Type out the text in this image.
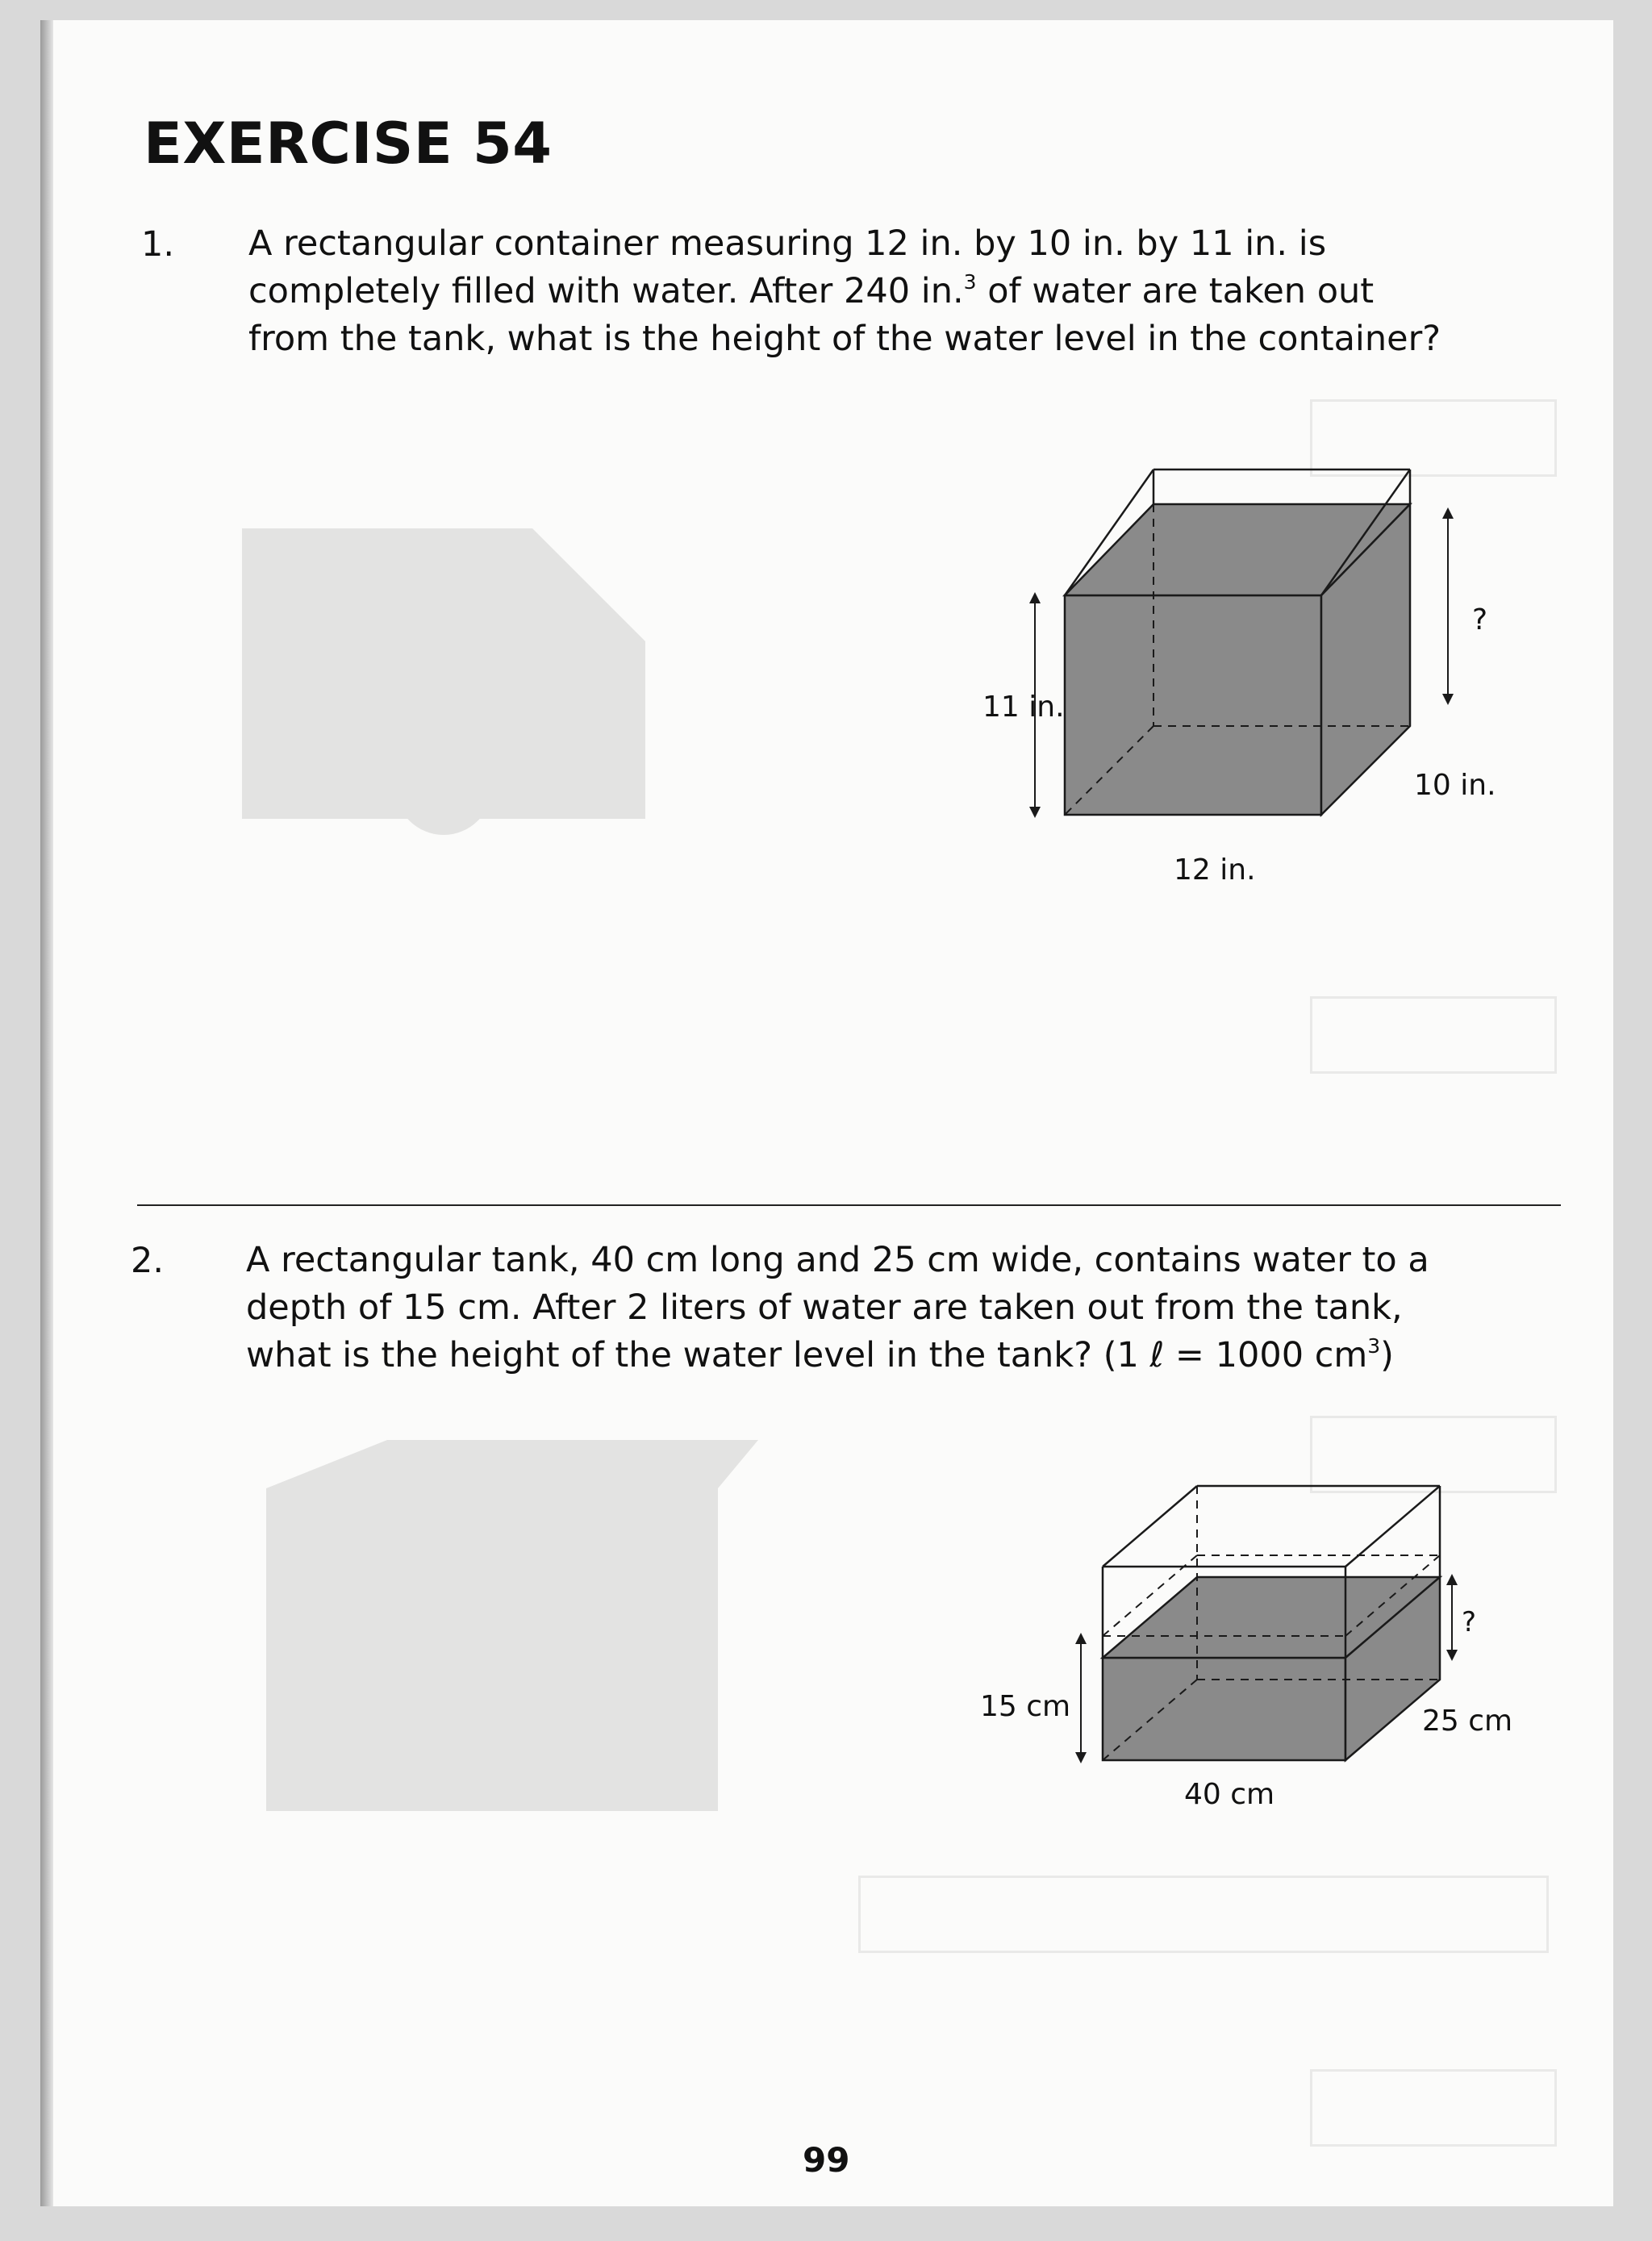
EXERCISE 54
1. A rectangular container measuring 12 in. by 10 in. by 11 in. is
completely filled with water. After 240 in.$^3$ of water are taken out
from the tank, what is the height of the water level in the container?

11 in.
12 in.
10 in.
?
2. A rectangular tank, 40 cm long and 25 cm wide, contains water to a
depth of 15 cm. After 2 liters of water are taken out from the tank,
what is the height of the water level in the tank? (1 ℓ = 1000 $cm^3$)

15 cm
40 cm
25 cm
?
99
